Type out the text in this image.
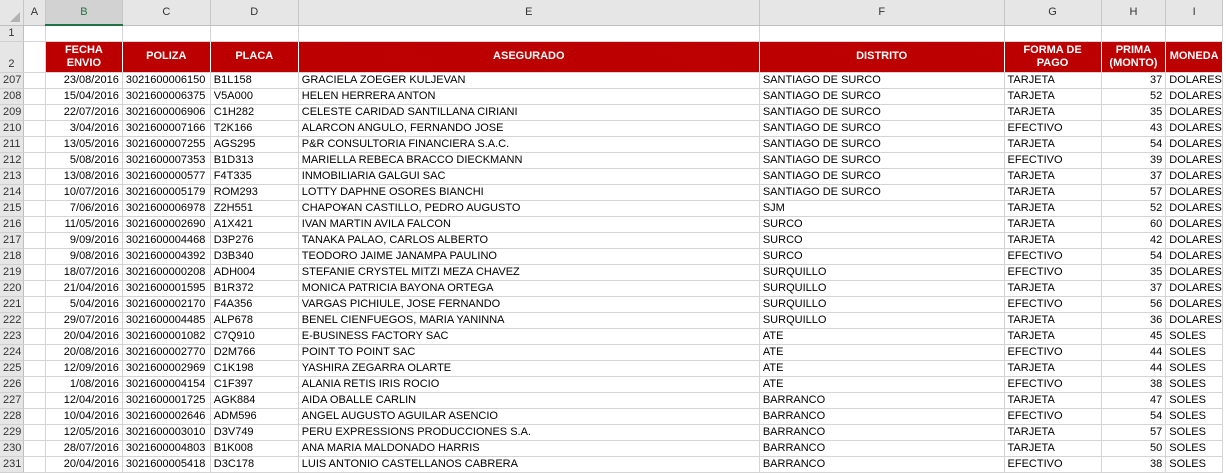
	A	B	C	D	E	F	G	H	I
1									
2		FECHA ENVIO	POLIZA	PLACA	ASEGURADO	DISTRITO	FORMA DE PAGO	PRIMA (MONTO)	MONEDA
207		23/08/2016	3021600006150	B1L158	GRACIELA ZOEGER KULJEVAN	SANTIAGO DE SURCO	TARJETA	37	DOLARES
208		15/04/2016	3021600006375	V5A000	HELEN HERRERA ANTON	SANTIAGO DE SURCO	TARJETA	52	DOLARES
209		22/07/2016	3021600006906	C1H282	CELESTE CARIDAD SANTILLANA CIRIANI	SANTIAGO DE SURCO	TARJETA	35	DOLARES
210		3/04/2016	3021600007166	T2K166	ALARCON ANGULO, FERNANDO JOSE	SANTIAGO DE SURCO	EFECTIVO	43	DOLARES
211		13/05/2016	3021600007255	AGS295	P&R CONSULTORIA FINANCIERA S.A.C.	SANTIAGO DE SURCO	TARJETA	54	DOLARES
212		5/08/2016	3021600007353	B1D313	MARIELLA REBECA BRACCO DIECKMANN	SANTIAGO DE SURCO	EFECTIVO	39	DOLARES
213		13/08/2016	3021600000577	F4T335	INMOBILIARIA GALGUI SAC	SANTIAGO DE SURCO	TARJETA	37	DOLARES
214		10/07/2016	3021600005179	ROM293	LOTTY DAPHNE OSORES BIANCHI	SANTIAGO DE SURCO	TARJETA	57	DOLARES
215		7/06/2016	3021600006978	Z2H551	CHAPO¥AN CASTILLO, PEDRO AUGUSTO	SJM	TARJETA	52	DOLARES
216		11/05/2016	3021600002690	A1X421	IVAN MARTIN AVILA FALCON	SURCO	TARJETA	60	DOLARES
217		9/09/2016	3021600004468	D3P276	TANAKA PALAO, CARLOS ALBERTO	SURCO	TARJETA	42	DOLARES
218		9/08/2016	3021600004392	D3B340	TEODORO JAIME JANAMPA PAULINO	SURCO	EFECTIVO	54	DOLARES
219		18/07/2016	3021600000208	ADH004	STEFANIE CRYSTEL MITZI MEZA CHAVEZ	SURQUILLO	EFECTIVO	35	DOLARES
220		21/04/2016	3021600001595	B1R372	MONICA PATRICIA BAYONA ORTEGA	SURQUILLO	TARJETA	37	DOLARES
221		5/04/2016	3021600002170	F4A356	VARGAS PICHIULE, JOSE FERNANDO	SURQUILLO	EFECTIVO	56	DOLARES
222		29/07/2016	3021600004485	ALP678	BENEL CIENFUEGOS, MARIA YANINNA	SURQUILLO	TARJETA	36	DOLARES
223		20/04/2016	3021600001082	C7Q910	E-BUSINESS FACTORY SAC	ATE	TARJETA	45	SOLES
224		20/08/2016	3021600002770	D2M766	POINT TO POINT SAC	ATE	EFECTIVO	44	SOLES
225		12/09/2016	3021600002969	C1K198	YASHIRA ZEGARRA OLARTE	ATE	TARJETA	44	SOLES
226		1/08/2016	3021600004154	C1F397	ALANIA RETIS IRIS ROCIO	ATE	EFECTIVO	38	SOLES
227		12/04/2016	3021600001725	AGK884	AIDA OBALLE CARLIN	BARRANCO	TARJETA	47	SOLES
228		10/04/2016	3021600002646	ADM596	ANGEL AUGUSTO AGUILAR ASENCIO	BARRANCO	EFECTIVO	54	SOLES
229		12/05/2016	3021600003010	D3V749	PERU EXPRESSIONS PRODUCCIONES S.A.	BARRANCO	TARJETA	57	SOLES
230		28/07/2016	3021600004803	B1K008	ANA MARIA MALDONADO HARRIS	BARRANCO	TARJETA	50	SOLES
231		20/04/2016	3021600005418	D3C178	LUIS ANTONIO CASTELLANOS CABRERA	BARRANCO	EFECTIVO	38	SOLES
